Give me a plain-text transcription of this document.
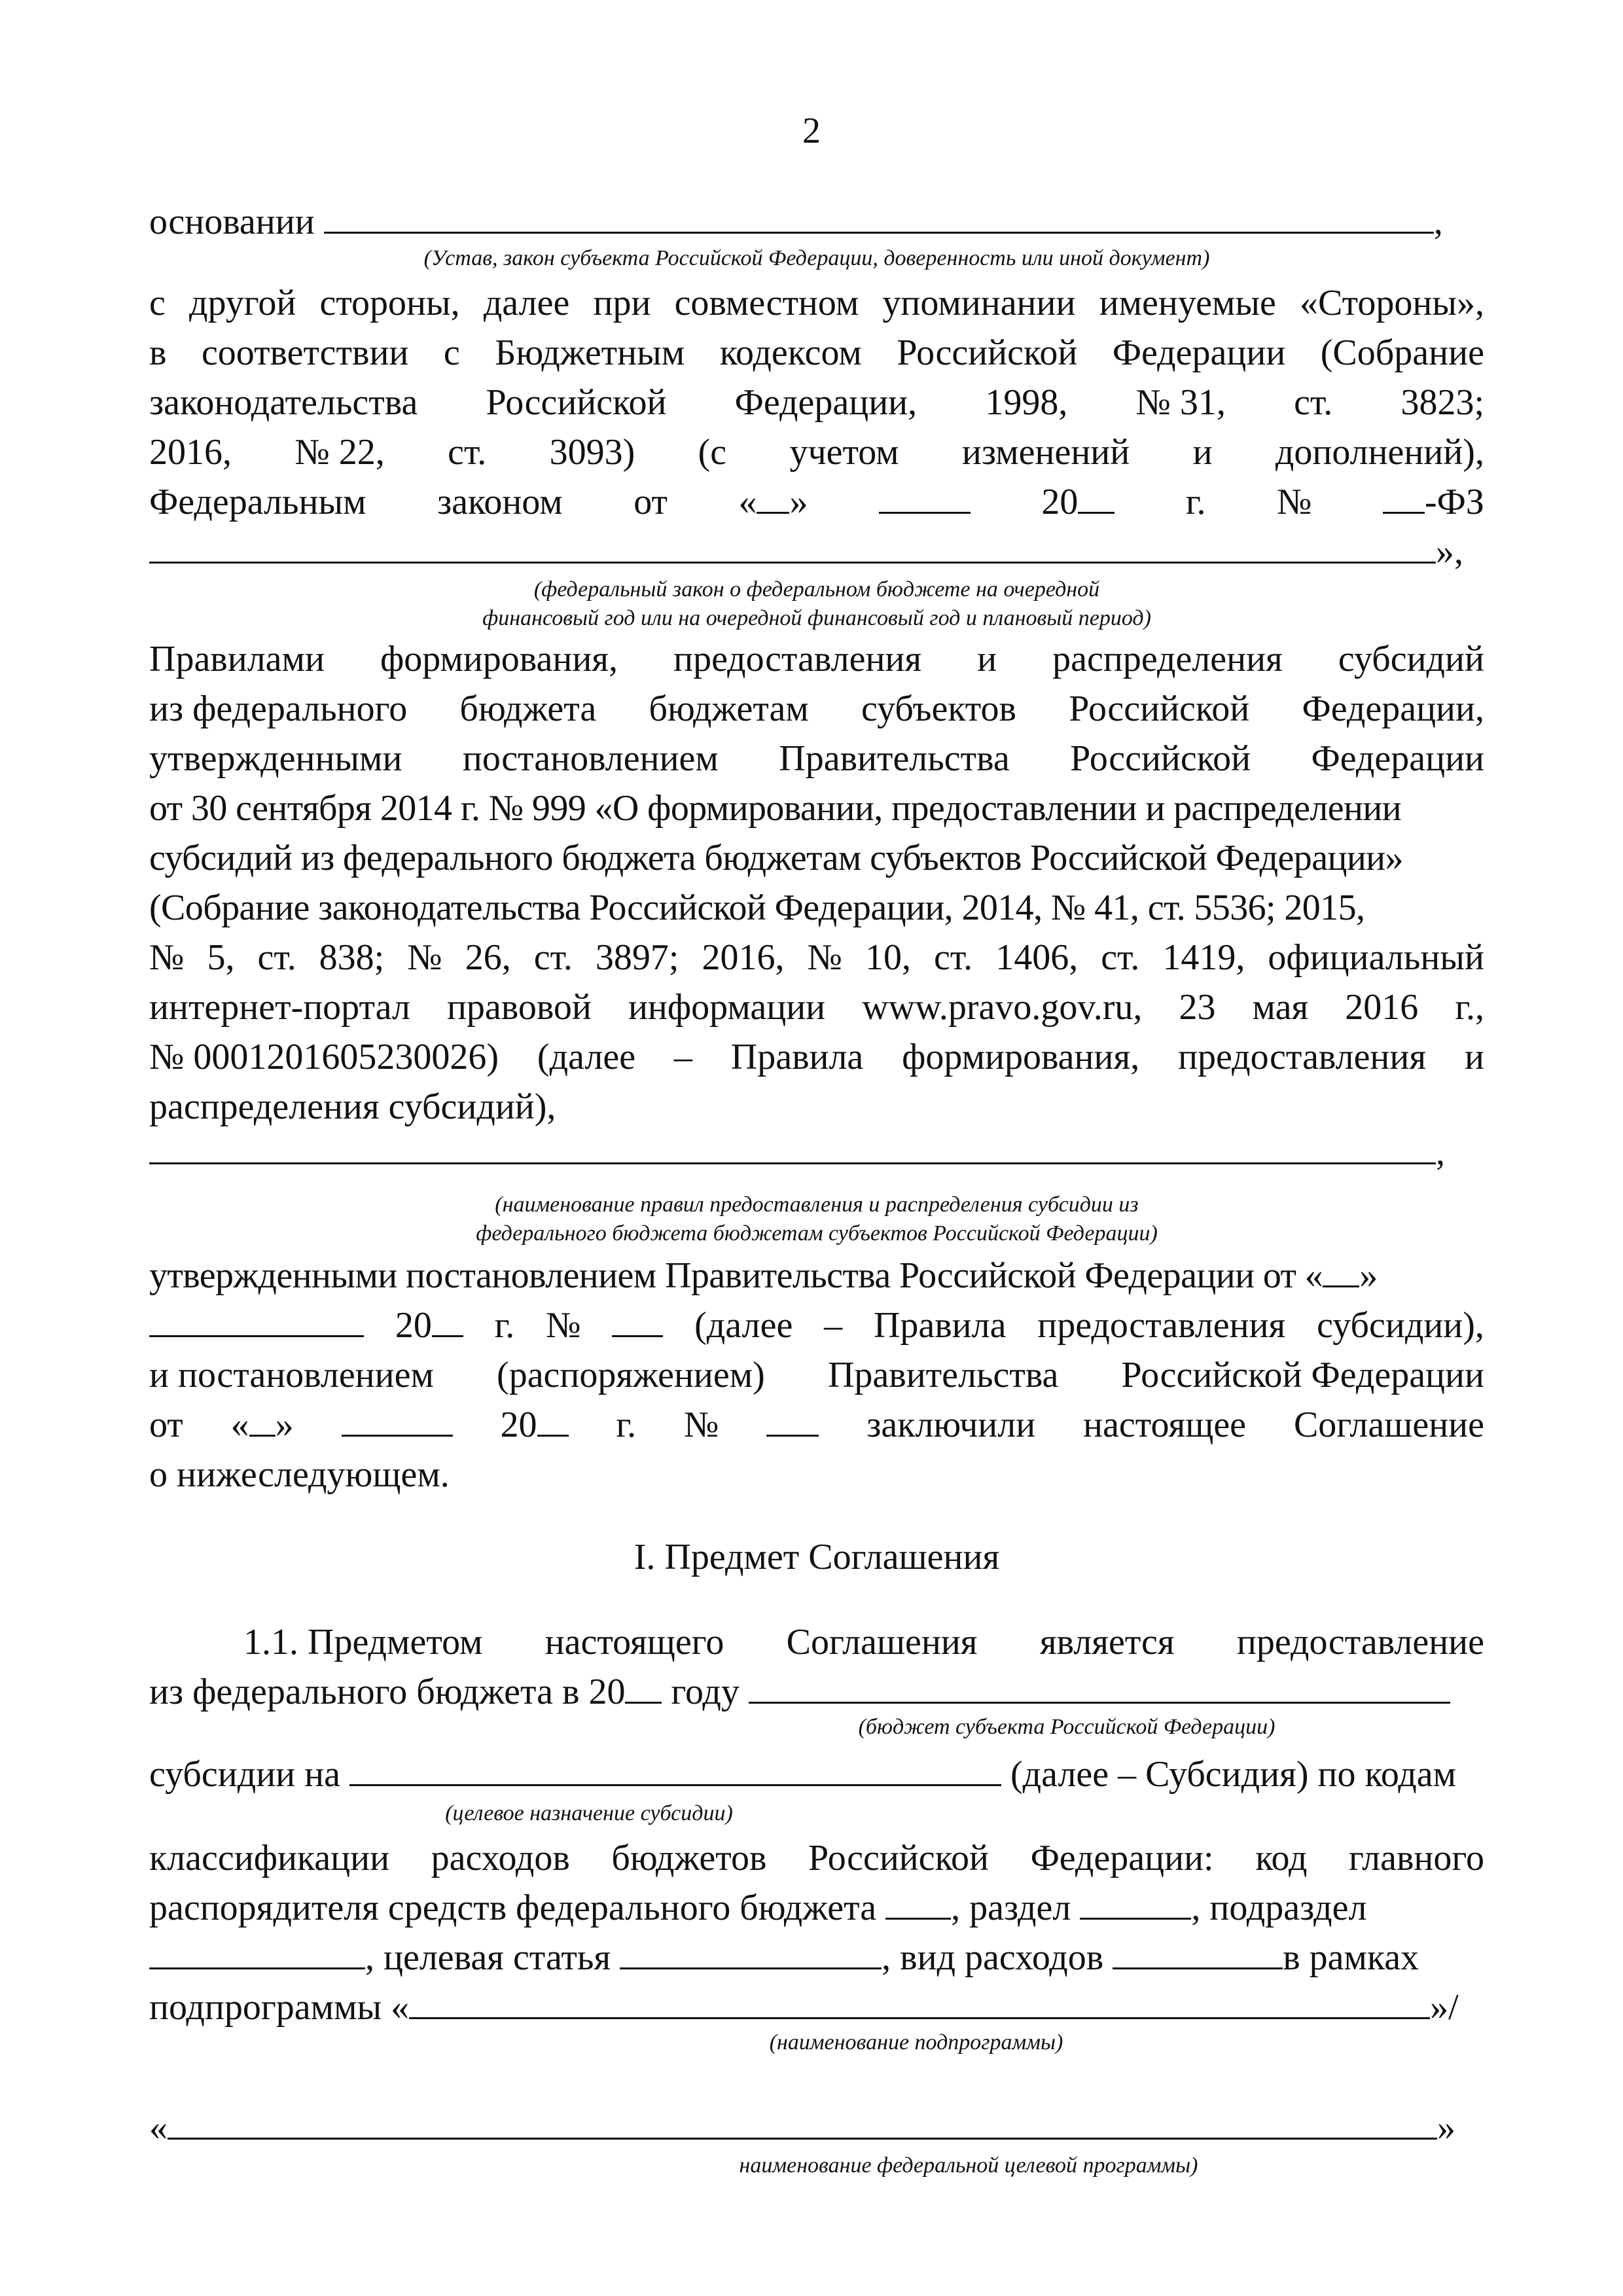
2
основании	,
(Устав, закон субъекта Российской Федерации, доверенность или иной документ)
с другой стороны, далее при совместном упоминании именуемые «Стороны»,
в соответствии с Бюджетным кодексом Российской Федерации (Собрание
законодательства Российской Федерации, 1998, № 31, ст. 3823;
2016, № 22, ст. 3093) (с учетом изменений и дополнений),
Федеральным законом от « »	20	г. №	-ФЗ
»,
(федеральный закон о федеральном бюджете на очередной
финансовый год или на очередной финансовый год и плановый период)
Правилами формирования, предоставления и распределения субсидий
из федерального бюджета бюджетам субъектов Российской Федерации,
утвержденными постановлением Правительства Российской Федерации
от 30 сентября 2014 г. № 999 «О формировании, предоставлении и распределении
субсидий из федерального бюджета бюджетам субъектов Российской Федерации»
(Собрание законодательства Российской Федерации, 2014, № 41, ст. 5536; 2015,
№ 5, ст. 838; № 26, ст. 3897; 2016, № 10, ст. 1406, ст. 1419, официальный
интернет-портал правовой информации www.pravo.gov.ru, 23 мая 2016 г.,
№ 0001201605230026) (далее – Правила формирования, предоставления и
распределения субсидий),
,
(наименование правил предоставления и распределения субсидии из
федерального бюджета бюджетам субъектов Российской Федерации)
утвержденными постановлением Правительства Российской Федерации от « »
20	г. №	(далее – Правила предоставления субсидии),
и постановлением (распоряжением) Правительства Российской Федерации
от « »	20	г. №	заключили настоящее Соглашение
о нижеследующем.
I. Предмет Соглашения
1.1. Предметом настоящего Соглашения является предоставление
из федерального бюджета в 20 году
(бюджет субъекта Российской Федерации)
субсидии на	(далее – Субсидия) по кодам
(целевое назначение субсидии)
классификации расходов бюджетов Российской Федерации: код главного
распорядителя средств федерального бюджета , раздел	, подраздел
, целевая статья	, вид расходов	в рамках
подпрограммы «	»/
(наименование подпрограммы)
«	»
наименование федеральной целевой программы)
